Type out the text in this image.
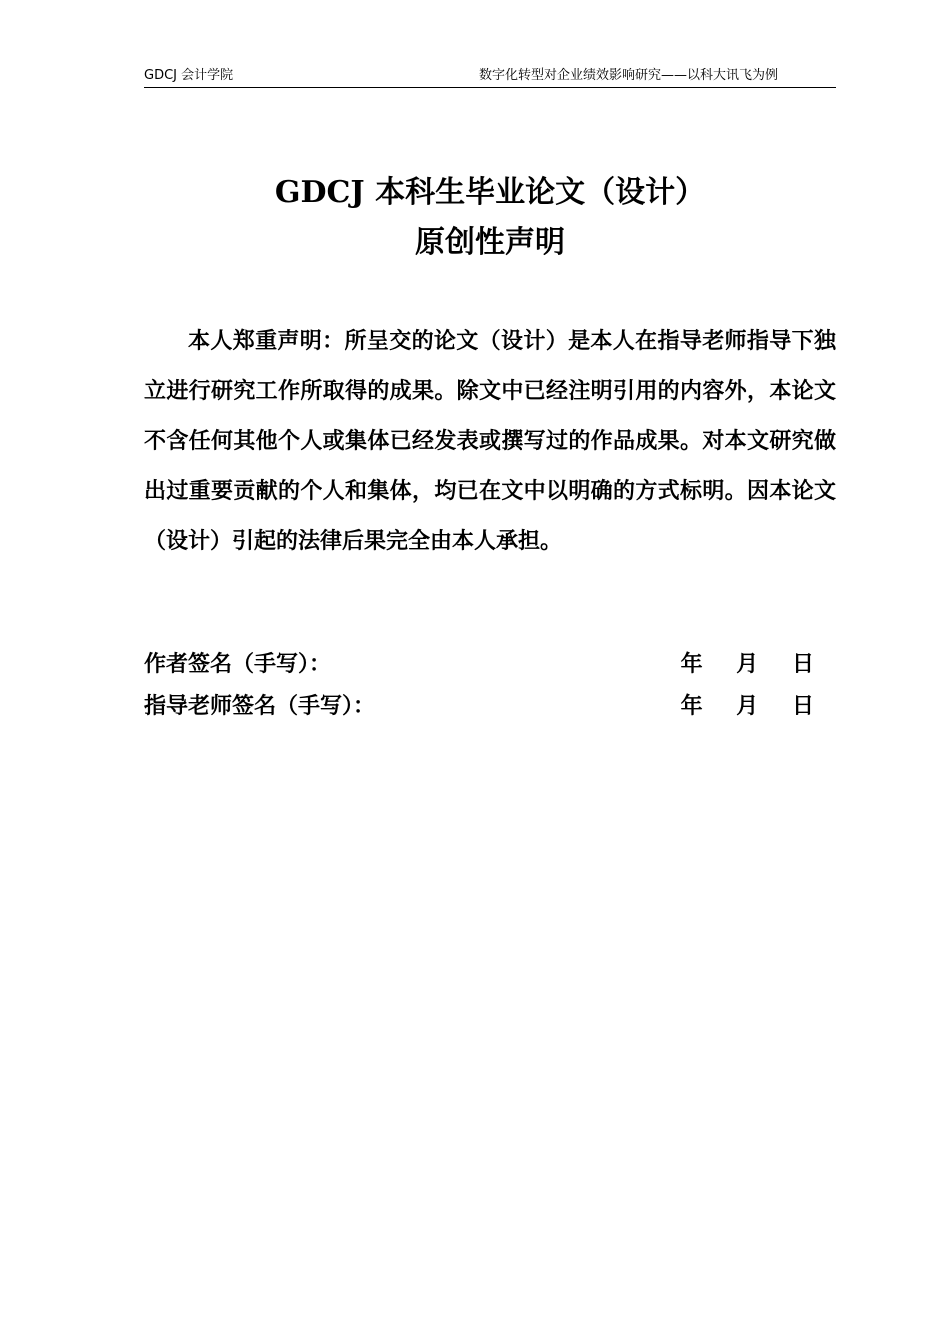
GDCJ 会计学院	数字化转型对企业绩效影响研究——以科大讯飞为例
GDCJ 本科生毕业论文（设计）
原创性声明

本人郑重声明：所呈交的论文（设计）是本人在指导老师指导下独立进行研究工作所取得的成果。除文中已经注明引用的内容外，本论文不含任何其他个人或集体已经发表或撰写过的作品成果。对本文研究做出过重要贡献的个人和集体，均已在文中以明确的方式标明。因本论文（设计）引起的法律后果完全由本人承担。

作者签名（手写）：	年 月 日
指导老师签名（手写）：	年 月 日
